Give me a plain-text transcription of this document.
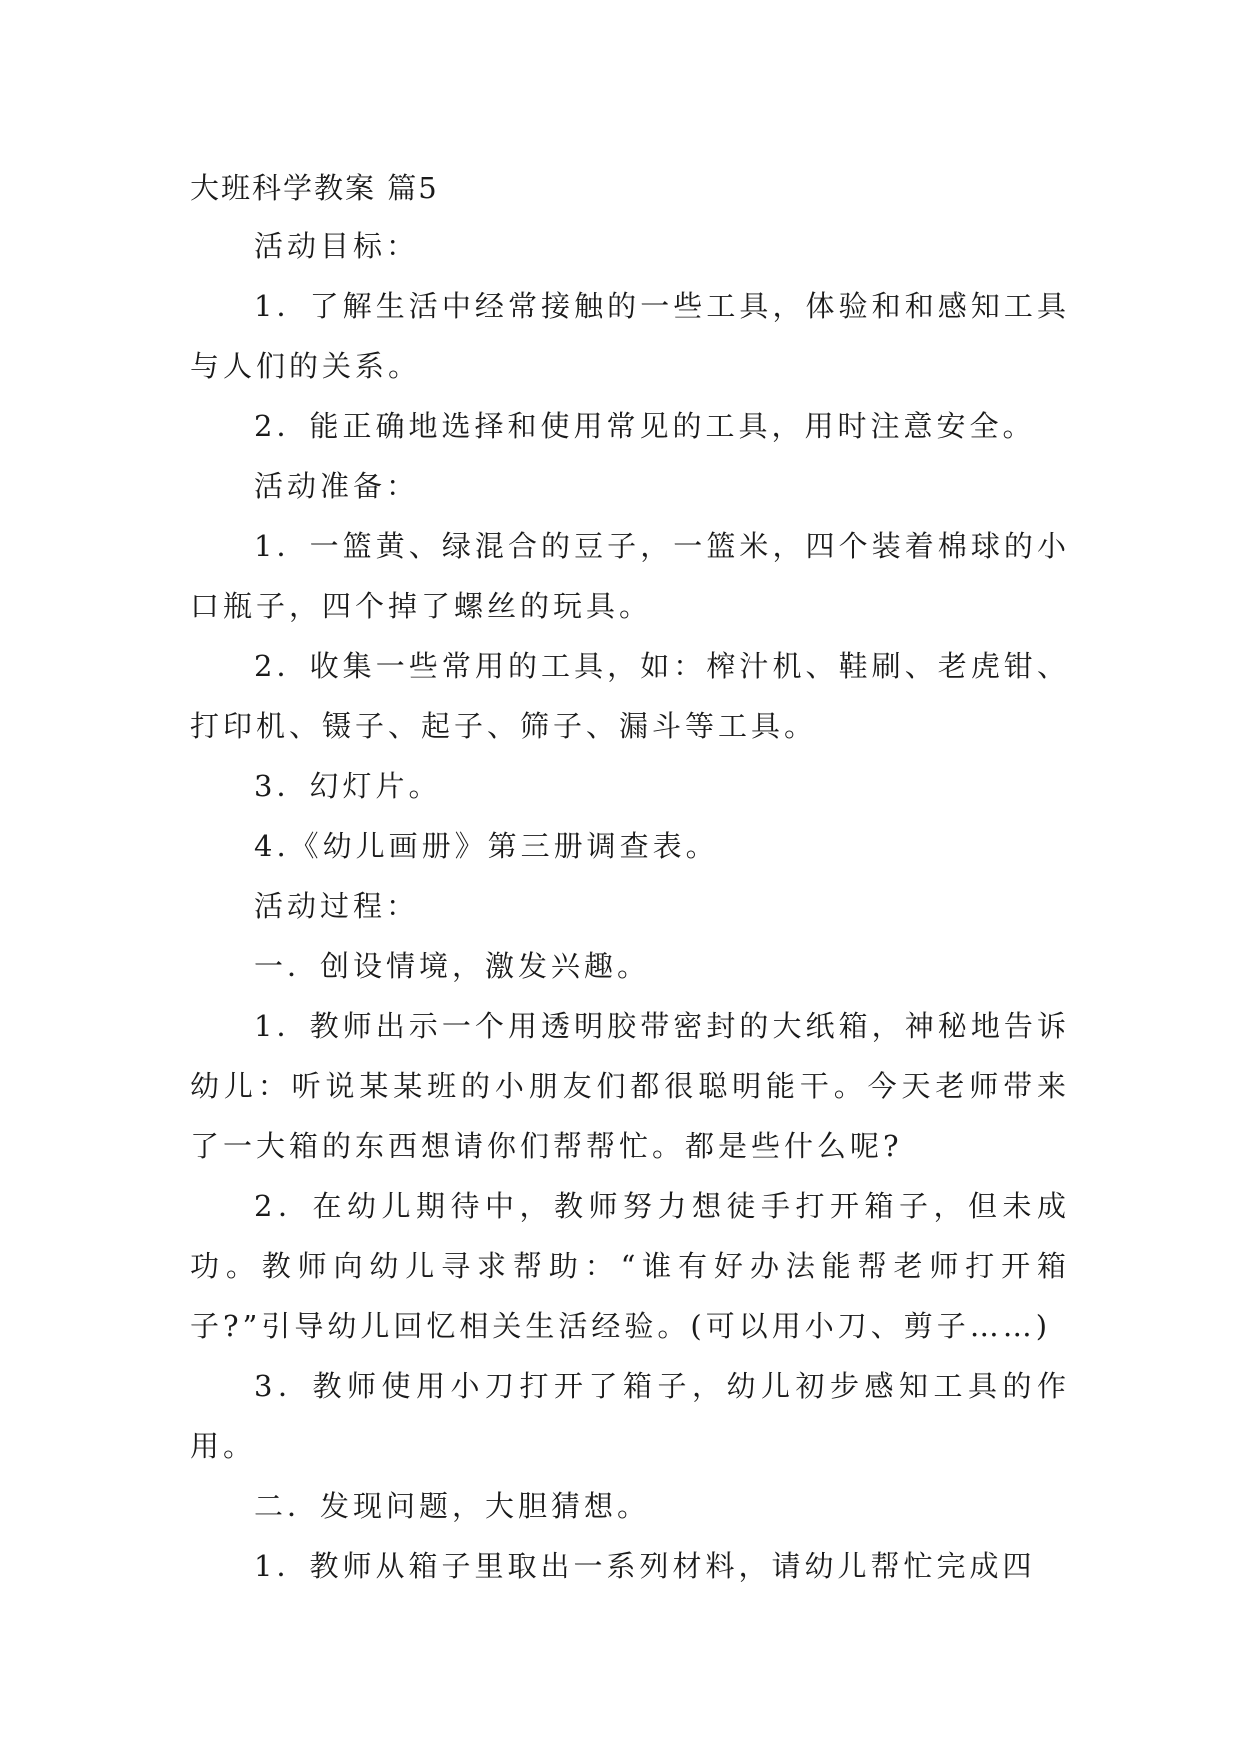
大班科学教案 篇5

活动目标：

1．了解生活中经常接触的一些工具，体验和和感知工具与人们的关系。

2．能正确地选择和使用常见的工具，用时注意安全。

活动准备：

1．一篮黄、绿混合的豆子，一篮米，四个装着棉球的小口瓶子，四个掉了螺丝的玩具。

2．收集一些常用的工具，如：榨汁机、鞋刷、老虎钳、打印机、镊子、起子、筛子、漏斗等工具。

3．幻灯片。

4.《幼儿画册》第三册调查表。

活动过程：

一．创设情境，激发兴趣。

1．教师出示一个用透明胶带密封的大纸箱，神秘地告诉幼儿：听说某某班的小朋友们都很聪明能干。今天老师带来了一大箱的东西想请你们帮帮忙。都是些什么呢?

2．在幼儿期待中，教师努力想徒手打开箱子，但未成功。教师向幼儿寻求帮助：“谁有好办法能帮老师打开箱子?”引导幼儿回忆相关生活经验。(可以用小刀、剪子……)

3．教师使用小刀打开了箱子，幼儿初步感知工具的作用。

二．发现问题，大胆猜想。

1．教师从箱子里取出一系列材料，请幼儿帮忙完成四
